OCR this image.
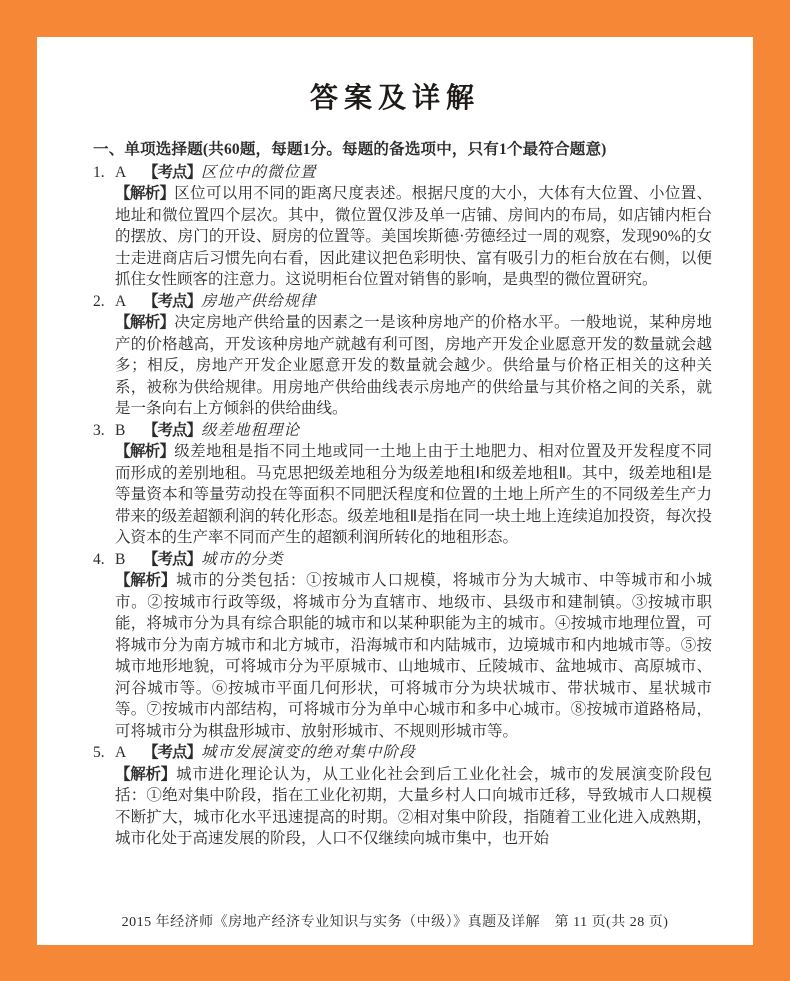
答案及详解

一、单项选择题(共60题，每题1分。每题的备选项中，只有1个最符合题意)

1. A 【考点】区位中的微位置

【解析】区位可以用不同的距离尺度表述。根据尺度的大小，大体有大位置、小位置、地址和微位置四个层次。其中，微位置仅涉及单一店铺、房间内的布局，如店铺内柜台的摆放、房门的开设、厨房的位置等。美国埃斯德·劳德经过一周的观察，发现90%的女士走进商店后习惯先向右看，因此建议把色彩明快、富有吸引力的柜台放在右侧，以便抓住女性顾客的注意力。这说明柜台位置对销售的影响，是典型的微位置研究。

2. A 【考点】房地产供给规律

【解析】决定房地产供给量的因素之一是该种房地产的价格水平。一般地说，某种房地产的价格越高，开发该种房地产就越有利可图，房地产开发企业愿意开发的数量就会越多；相反，房地产开发企业愿意开发的数量就会越少。供给量与价格正相关的这种关系，被称为供给规律。用房地产供给曲线表示房地产的供给量与其价格之间的关系，就是一条向右上方倾斜的供给曲线。

3. B 【考点】级差地租理论

【解析】级差地租是指不同土地或同一土地上由于土地肥力、相对位置及开发程度不同而形成的差别地租。马克思把级差地租分为级差地租Ⅰ和级差地租Ⅱ。其中，级差地租Ⅰ是等量资本和等量劳动投在等面积不同肥沃程度和位置的土地上所产生的不同级差生产力带来的级差超额利润的转化形态。级差地租Ⅱ是指在同一块土地上连续追加投资，每次投入资本的生产率不同而产生的超额利润所转化的地租形态。

4. B 【考点】城市的分类

【解析】城市的分类包括：①按城市人口规模，将城市分为大城市、中等城市和小城市。②按城市行政等级，将城市分为直辖市、地级市、县级市和建制镇。③按城市职能，将城市分为具有综合职能的城市和以某种职能为主的城市。④按城市地理位置，可将城市分为南方城市和北方城市，沿海城市和内陆城市，边境城市和内地城市等。⑤按城市地形地貌，可将城市分为平原城市、山地城市、丘陵城市、盆地城市、高原城市、河谷城市等。⑥按城市平面几何形状，可将城市分为块状城市、带状城市、星状城市等。⑦按城市内部结构，可将城市分为单中心城市和多中心城市。⑧按城市道路格局，可将城市分为棋盘形城市、放射形城市、不规则形城市等。

5. A 【考点】城市发展演变的绝对集中阶段

【解析】城市进化理论认为，从工业化社会到后工业化社会，城市的发展演变阶段包括：①绝对集中阶段，指在工业化初期，大量乡村人口向城市迁移，导致城市人口规模不断扩大，城市化水平迅速提高的时期。②相对集中阶段，指随着工业化进入成熟期，城市化处于高速发展的阶段，人口不仅继续向城市集中，也开始

2015 年经济师《房地产经济专业知识与实务（中级）》真题及详解　第 11 页(共 28 页)
